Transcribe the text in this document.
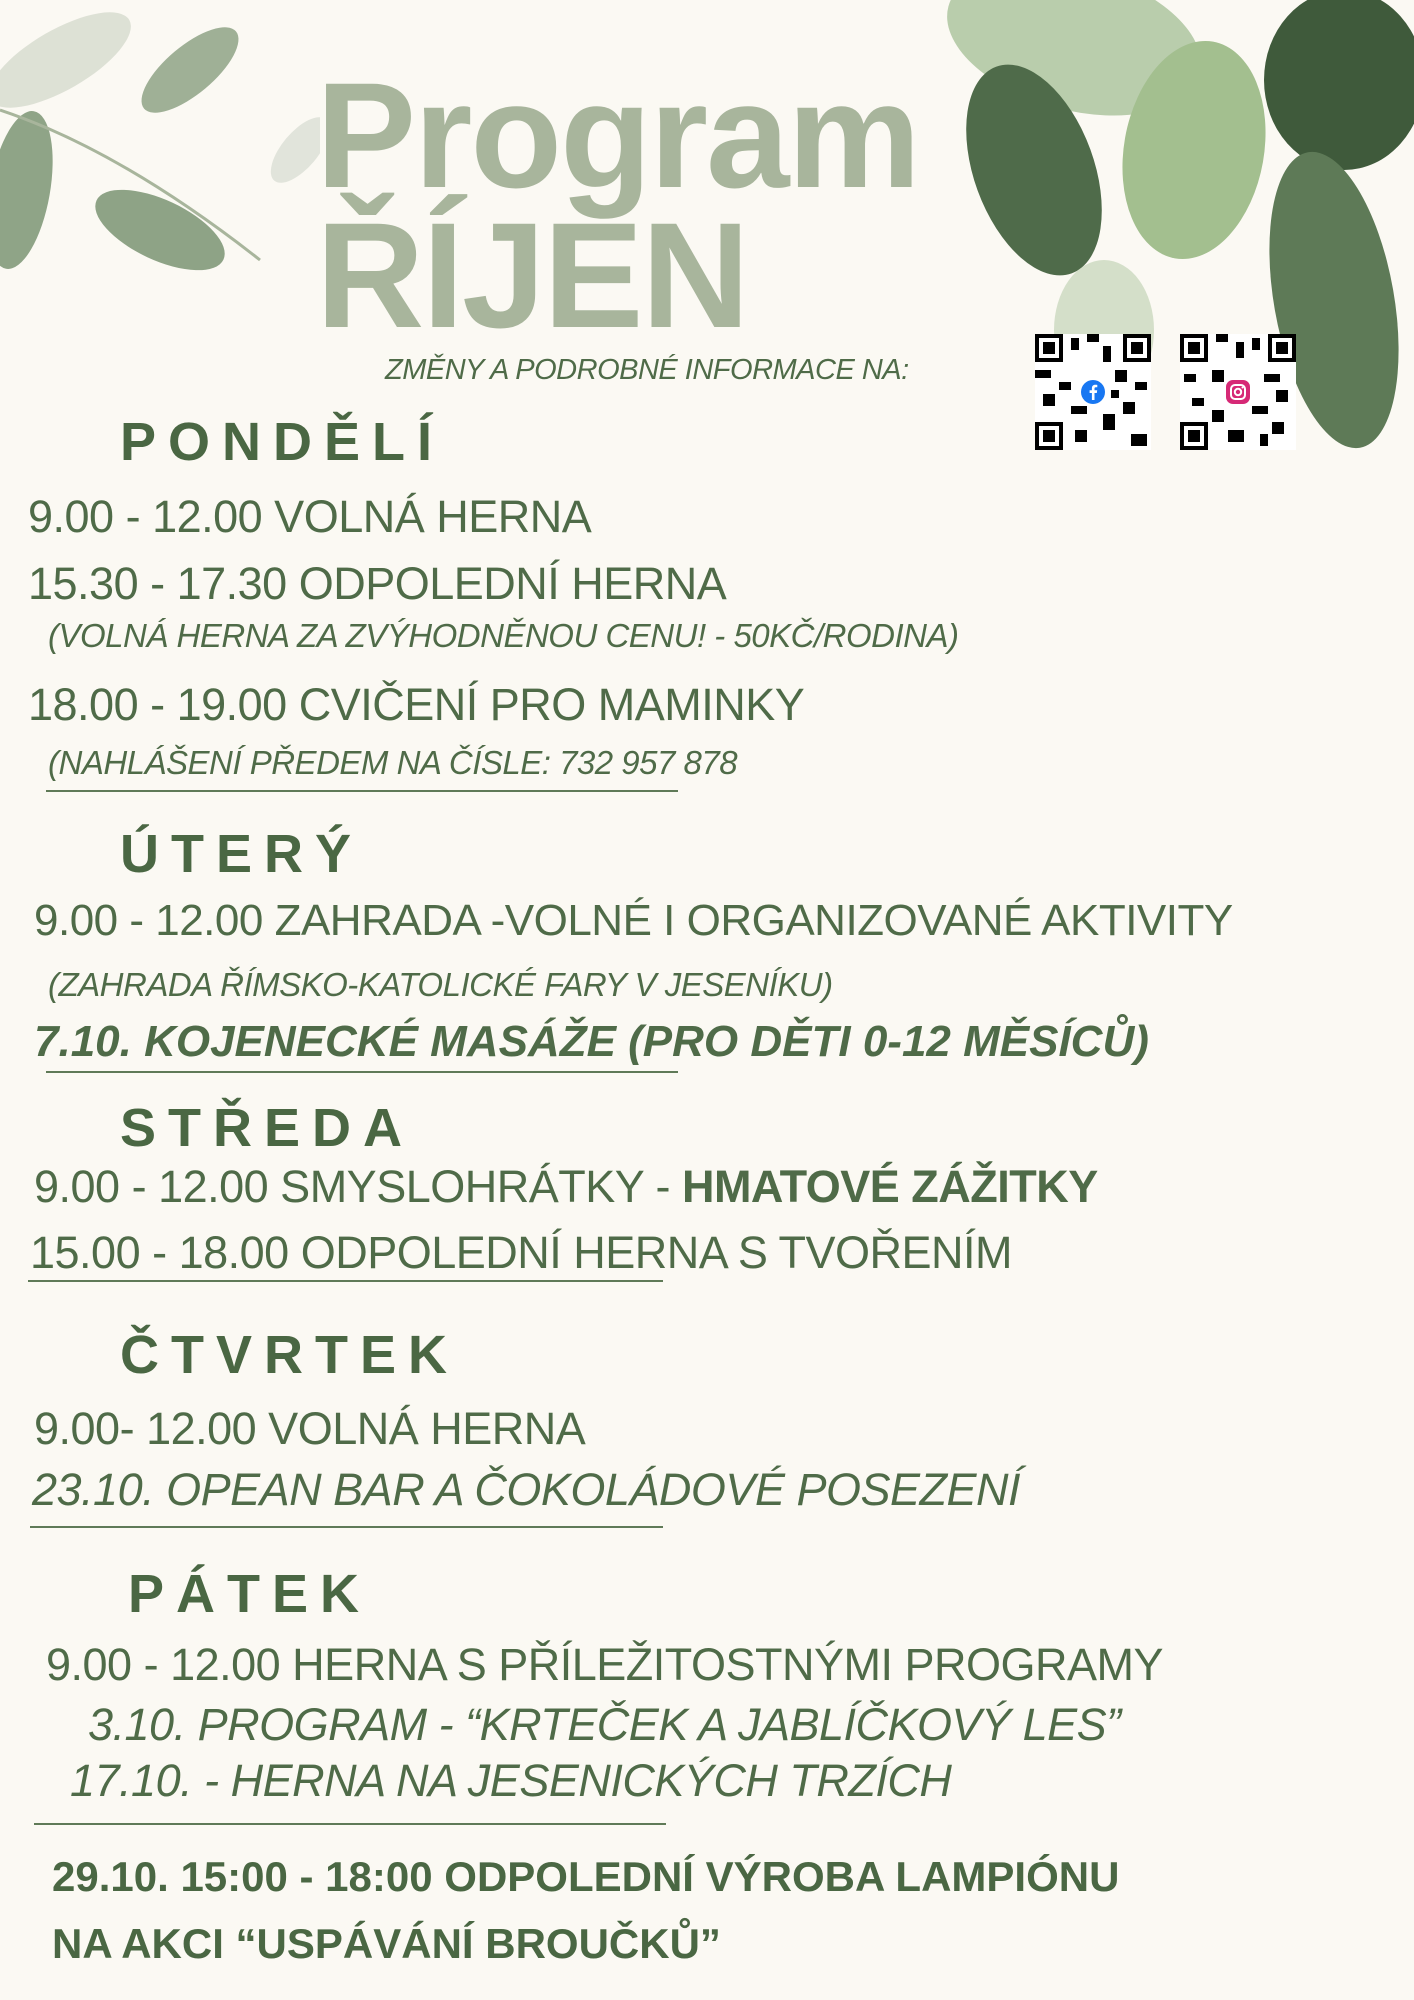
Program
ŘÍJEN
ZMĚNY A PODROBNÉ INFORMACE NA:
PONDĚLÍ
9.00 - 12.00 VOLNÁ HERNA
15.30 - 17.30 ODPOLEDNÍ HERNA
(VOLNÁ HERNA ZA ZVÝHODNĚNOU CENU! - 50KČ/RODINA)
18.00 - 19.00 CVIČENÍ PRO MAMINKY
(NAHLÁŠENÍ PŘEDEM NA ČÍSLE: 732 957 878
ÚTERÝ
9.00 - 12.00 ZAHRADA -VOLNÉ I ORGANIZOVANÉ AKTIVITY
(ZAHRADA ŘÍMSKO-KATOLICKÉ FARY V JESENÍKU)
7.10. KOJENECKÉ MASÁŽE (PRO DĚTI 0-12 MĚSÍCŮ)
STŘEDA
9.00 - 12.00 SMYSLOHRÁTKY - HMATOVÉ ZÁŽITKY
15.00 - 18.00 ODPOLEDNÍ HERNA S TVOŘENÍM
ČTVRTEK
9.00- 12.00 VOLNÁ HERNA
23.10. OPEAN BAR A ČOKOLÁDOVÉ POSEZENÍ
PÁTEK
9.00 - 12.00 HERNA S PŘÍLEŽITOSTNÝMI PROGRAMY
3.10. PROGRAM - “KRTEČEK A JABLÍČKOVÝ LES”
17.10. - HERNA NA JESENICKÝCH TRZÍCH
29.10. 15:00 - 18:00 ODPOLEDNÍ VÝROBA LAMPIÓNU
NA AKCI “USPÁVÁNÍ BROUČKŮ”
